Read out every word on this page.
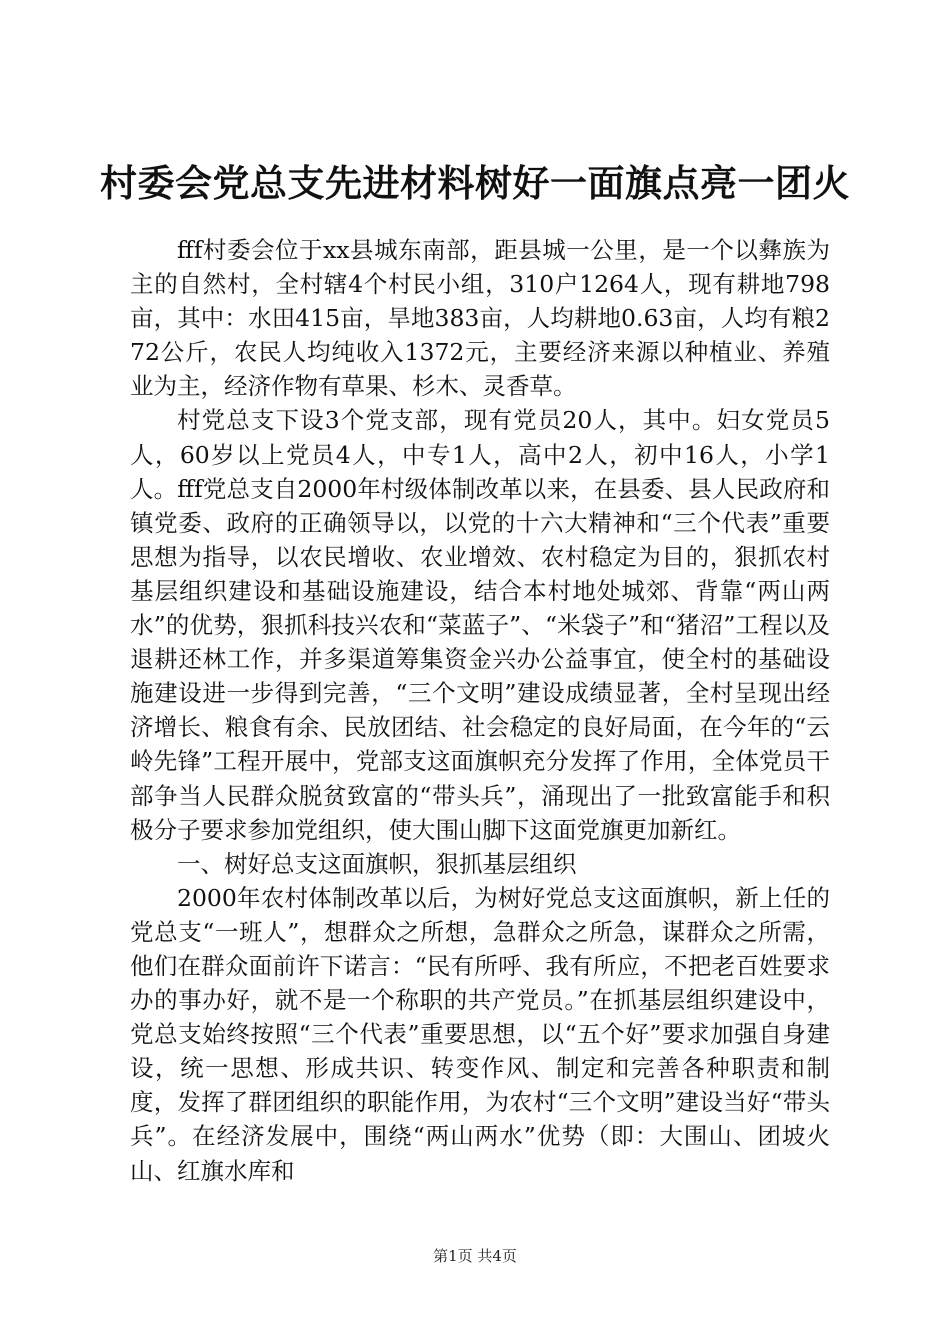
村委会党总支先进材料树好一面旗点亮一团火

fff村委会位于xx县城东南部，距县城一公里，是一个以彝族为主的自然村，全村辖4个村民小组，310户1264人，现有耕地798亩，其中：水田415亩，旱地383亩，人均耕地0.63亩，人均有粮272公斤，农民人均纯收入1372元，主要经济来源以种植业、养殖业为主，经济作物有草果、杉木、灵香草。

村党总支下设3个党支部，现有党员20人，其中。妇女党员5人，60岁以上党员4人，中专1人，高中2人，初中16人，小学1人。fff党总支自2000年村级体制改革以来，在县委、县人民政府和镇党委、政府的正确领导以，以党的十六大精神和“三个代表”重要思想为指导，以农民增收、农业增效、农村稳定为目的，狠抓农村基层组织建设和基础设施建设，结合本村地处城郊、背靠“两山两水”的优势，狠抓科技兴农和“菜蓝子”、“米袋子”和“猪沼”工程以及退耕还林工作，并多渠道筹集资金兴办公益事宜，使全村的基础设施建设进一步得到完善，“三个文明”建设成绩显著，全村呈现出经济增长、粮食有余、民放团结、社会稳定的良好局面，在今年的“云岭先锋”工程开展中，党部支这面旗帜充分发挥了作用，全体党员干部争当人民群众脱贫致富的“带头兵”，涌现出了一批致富能手和积极分子要求参加党组织，使大围山脚下这面党旗更加新红。

一、树好总支这面旗帜，狠抓基层组织

2000年农村体制改革以后，为树好党总支这面旗帜，新上任的党总支“一班人”，想群众之所想，急群众之所急，谋群众之所需，他们在群众面前许下诺言：“民有所呼、我有所应，不把老百姓要求办的事办好，就不是一个称职的共产党员。”在抓基层组织建设中，党总支始终按照“三个代表”重要思想，以“五个好”要求加强自身建设，统一思想、形成共识、转变作风、制定和完善各种职责和制度，发挥了群团组织的职能作用，为农村“三个文明”建设当好“带头兵”。在经济发展中，围绕“两山两水”优势（即：大围山、团坡火山、红旗水库和

第1页 共4页
